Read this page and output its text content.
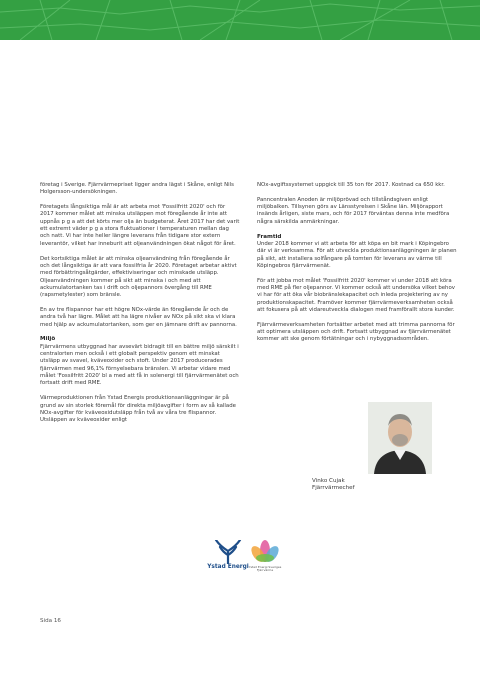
företag i Sverige. Fjärrvärmepriset ligger andra lägst i Skåne, enligt Nils Holgersson-undersökningen.

Företagets långsiktiga mål är att arbeta mot 'Fossilfritt 2020' och för 2017 kommer målet att minska utsläppen mot föregående år inte att uppnås p g a att det körts mer olja än budgeterat. Året 2017 har det varit ett extremt väder p g a stora fluktuationer i temperaturen mellan dag och natt. Vi har inte heller längre leverans från tidigare stor extern leverantör, vilket har inneburit att oljeanvändningen ökat något för året.

Det kortsiktiga målet är att minska oljeanvändning från föregående år och det långsiktiga är att vara fossilfria år 2020. Företaget arbetar aktivt med förbättringsåtgärder, effektiviseringar och minskade utsläpp. Oljeanvändningen kommer på sikt att minska i och med att ackumulatortanken tas i drift och oljepannors övergång till RME (rapsmetylester) som bränsle.

En av tre flispannor har ett högre NOx-värde än föregående år och de andra två har lägre. Målet att ha lägre nivåer av NOx på sikt ska vi klara med hjälp av ackumulatortanken, som ger en jämnare drift av pannorna.

Miljö

Fjärrvärmens utbyggnad har avsevärt bidragit till en bättre miljö särskilt i centralorten men också i ett globalt perspektiv genom ett minskat utsläpp av svavel, kväveoxider och stoft. Under 2017 producerades fjärrvärmen med 96,1% förnyelsebara bränslen. Vi arbetar vidare med målet 'Fossilfritt 2020' bl a med att få in solenergi till fjärrvärmenätet och fortsatt drift med RME.

Värmeproduktionen från Ystad Energis produktionsanläggningar är på grund av sin storlek föremål för direkta miljöavgifter i form av så kallade NOx-avgifter för kväveoxidutsläpp från två av våra tre flispannor. Utsläppen av kväveoxider enligt

NOx-avgiftssystemet uppgick till 35 ton för 2017. Kostnad ca 650 kkr.

Panncentralen Anoden är miljöprövad och tillståndsgiven enligt miljöbalken. Tillsynen görs av Länsstyrelsen i Skåne län. Miljörapport insänds årligen, siste mars, och för 2017 förväntas denna inte medföra några särskilda anmärkningar.

Framtid

Under 2018 kommer vi att arbeta för att köpa en bit mark i Köpingebro där vi är verksamma. För att utveckla produktionsanläggningen är planen på sikt, att installera solfångare på tomten för leverans av värme till Köpingebros fjärrvärmenät.

För att jobba mot målet 'Fossilfritt 2020' kommer vi under 2018 att köra med RME på fler oljepannor. Vi kommer också att undersöka vilket behov vi har för att öka vår biobränslekapacitet och inleda projektering av ny produktionskapacitet. Framöver kommer fjärrvärmeverksamheten också att fokusera på att vidareutveckla dialogen med framförallt stora kunder.

Fjärrvärmeverksamheten fortsätter arbetet med att trimma pannorna för att optimera utsläppen och drift. Fortsatt utbyggnad av fjärrvärmenätet kommer att ske genom förtätningar och i nybyggnadsområden.

Vinko Cujak
Fjärrvärmechef
Ystad Energi Ystad Energi Sveriges Fjärrvärme
Sida 16
